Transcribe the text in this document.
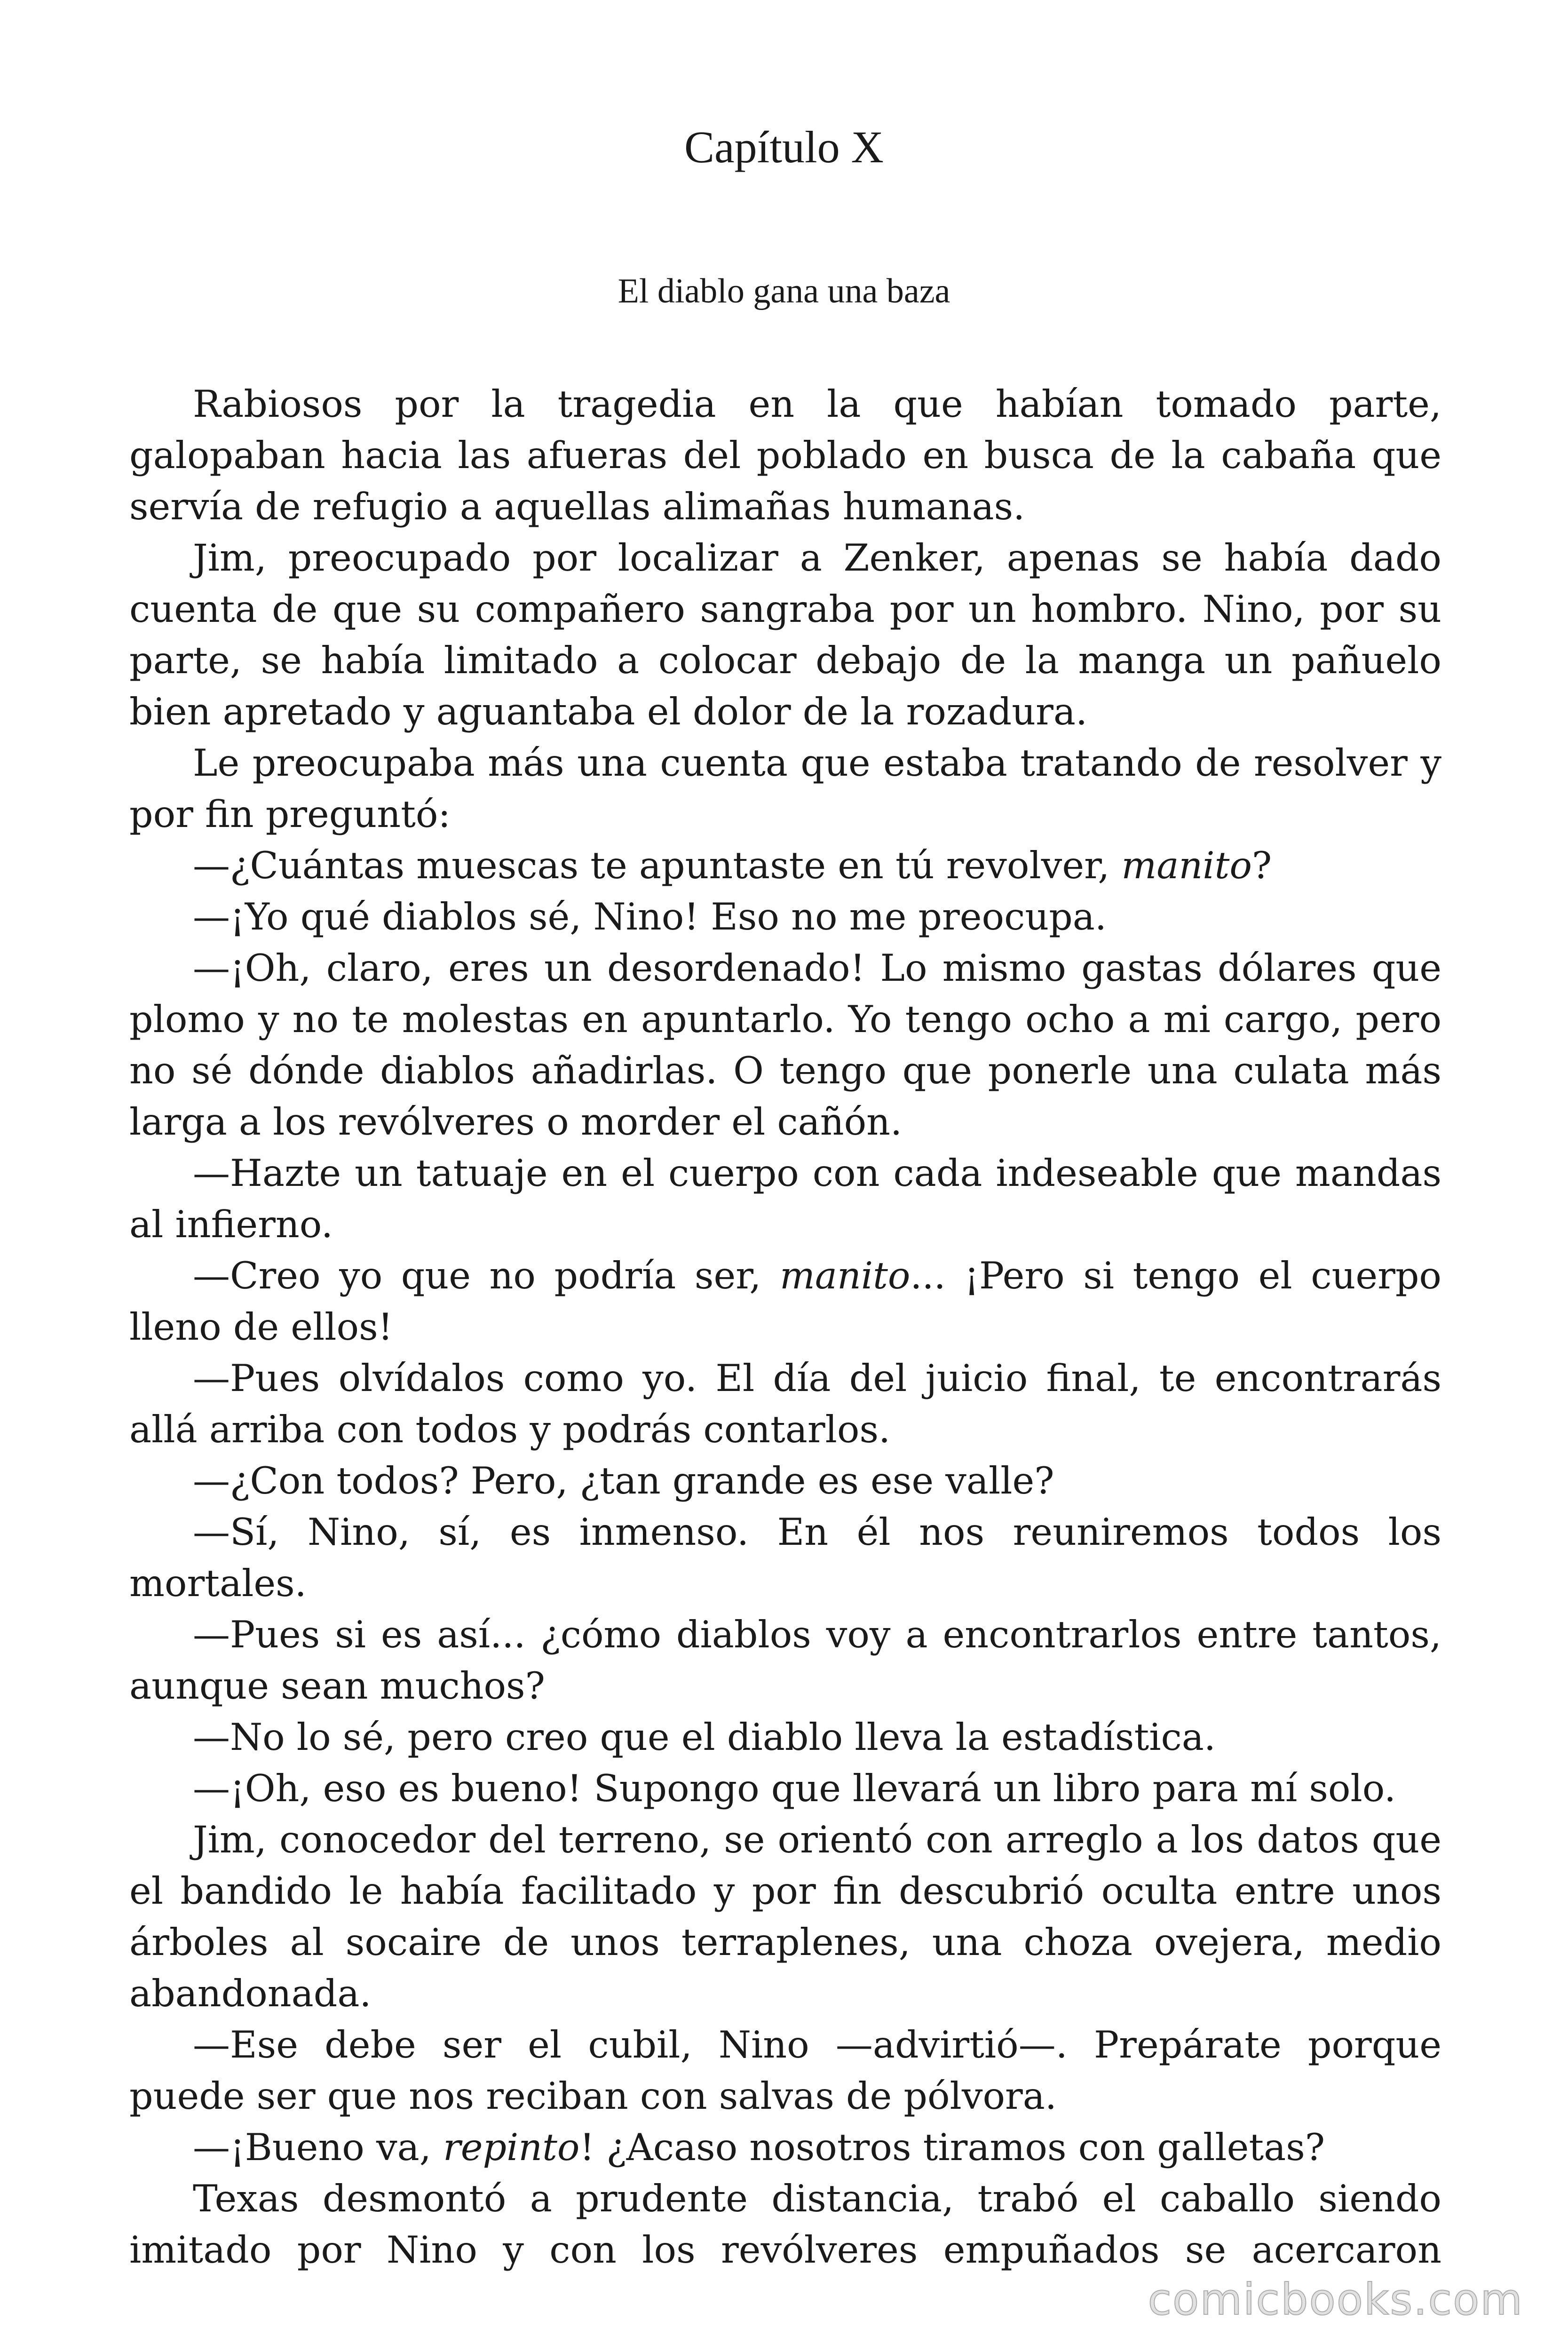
Capítulo X
El diablo gana una baza

Rabiosos por la tragedia en la que habían tomado parte, galopaban hacia las afueras del poblado en busca de la cabaña que servía de refugio a aquellas alimañas humanas.

Jim, preocupado por localizar a Zenker, apenas se había dado cuenta de que su compañero sangraba por un hombro. Nino, por su parte, se había limitado a colocar debajo de la manga un pañuelo bien apretado y aguantaba el dolor de la rozadura.

Le preocupaba más una cuenta que estaba tratando de resolver y por fin preguntó:

—¿Cuántas muescas te apuntaste en tú revolver, manito?

—¡Yo qué diablos sé, Nino! Eso no me preocupa.

—¡Oh, claro, eres un desordenado! Lo mismo gastas dólares que plomo y no te molestas en apuntarlo. Yo tengo ocho a mi cargo, pero no sé dónde diablos añadirlas. O tengo que ponerle una culata más larga a los revólveres o morder el cañón.

—Hazte un tatuaje en el cuerpo con cada indeseable que mandas al infierno.

—Creo yo que no podría ser, manito... ¡Pero si tengo el cuerpo lleno de ellos!

—Pues olvídalos como yo. El día del juicio final, te encontrarás allá arriba con todos y podrás contarlos.

—¿Con todos? Pero, ¿tan grande es ese valle?

—Sí, Nino, sí, es inmenso. En él nos reuniremos todos los mortales.

—Pues si es así... ¿cómo diablos voy a encontrarlos entre tantos, aunque sean muchos?

—No lo sé, pero creo que el diablo lleva la estadística.

—¡Oh, eso es bueno! Supongo que llevará un libro para mí solo.

Jim, conocedor del terreno, se orientó con arreglo a los datos que el bandido le había facilitado y por fin descubrió oculta entre unos árboles al socaire de unos terraplenes, una choza ovejera, medio abandonada.

—Ese debe ser el cubil, Nino —advirtió—. Prepárate porque puede ser que nos reciban con salvas de pólvora.

—¡Bueno va, repinto! ¿Acaso nosotros tiramos con galletas?

Texas desmontó a prudente distancia, trabó el caballo siendo imitado por Nino y con los revólveres empuñados se acercaron

comicbooks.com
